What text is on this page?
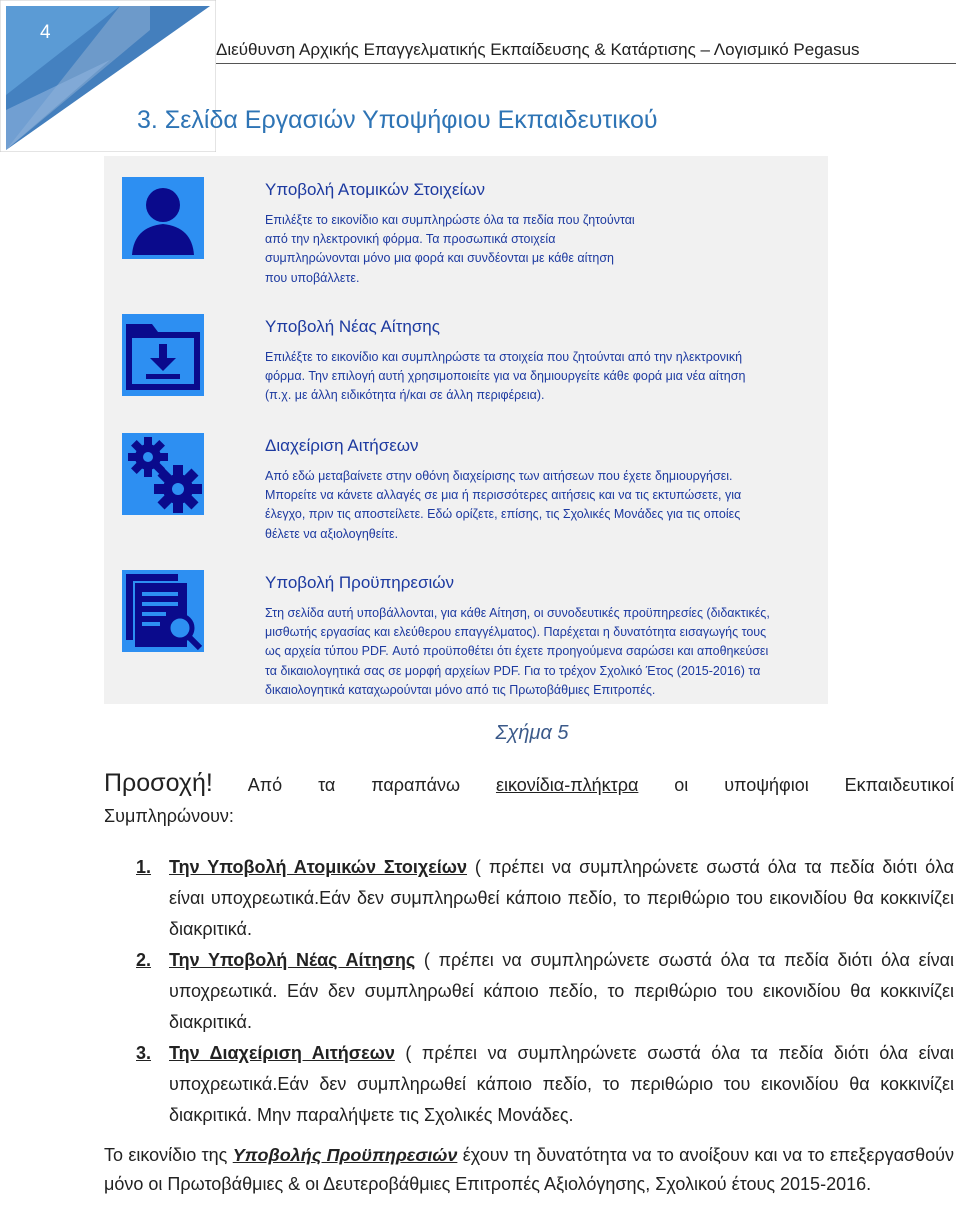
4
Διεύθυνση Αρχικής Επαγγελματικής Εκπαίδευσης & Κατάρτισης – Λογισμικό Pegasus
3. Σελίδα Εργασιών Υποψήφιου Εκπαιδευτικού
Υποβολή Ατομικών Στοιχείων
Επιλέξτε το εικονίδιο και συμπληρώστε όλα τα πεδία που ζητούνται
από την ηλεκτρονική φόρμα. Τα προσωπικά στοιχεία
συμπληρώνονται μόνο μια φορά και συνδέονται με κάθε αίτηση
που υποβάλλετε.
Υποβολή Νέας Αίτησης
Επιλέξτε το εικονίδιο και συμπληρώστε τα στοιχεία που ζητούνται από την ηλεκτρονική
φόρμα. Την επιλογή αυτή χρησιμοποιείτε για να δημιουργείτε κάθε φορά μια νέα αίτηση
(π.χ. με άλλη ειδικότητα ή/και σε άλλη περιφέρεια).
Διαχείριση Αιτήσεων
Από εδώ μεταβαίνετε στην οθόνη διαχείρισης των αιτήσεων που έχετε δημιουργήσει.
Μπορείτε να κάνετε αλλαγές σε μια ή περισσότερες αιτήσεις και να τις εκτυπώσετε, για
έλεγχο, πριν τις αποστείλετε. Εδώ ορίζετε, επίσης, τις Σχολικές Μονάδες για τις οποίες
θέλετε να αξιολογηθείτε.
Υποβολή Προϋπηρεσιών
Στη σελίδα αυτή υποβάλλονται, για κάθε Αίτηση, οι συνοδευτικές προϋπηρεσίες (διδακτικές,
μισθωτής εργασίας και ελεύθερου επαγγέλματος). Παρέχεται η δυνατότητα εισαγωγής τους
ως αρχεία τύπου PDF. Αυτό προϋποθέτει ότι έχετε προηγούμενα σαρώσει και αποθηκεύσει
τα δικαιολογητικά σας σε μορφή αρχείων PDF. Για το τρέχον Σχολικό Έτος (2015-2016) τα
δικαιολογητικά καταχωρούνται μόνο από τις Πρωτοβάθμιες Επιτροπές.
Σχήμα 5
Προσοχή! Από τα παραπάνω εικονίδια-πλήκτρα οι υποψήφιοι Εκπαιδευτικοί
Συμπληρώνουν:
1. Την Υποβολή Ατομικών Στοιχείων ( πρέπει να συμπληρώνετε σωστά όλα τα πεδία διότι όλα είναι υποχρεωτικά.Εάν δεν συμπληρωθεί κάποιο πεδίο, το περιθώριο του εικονιδίου θα κοκκινίζει διακριτικά.
2. Την Υποβολή Νέας Αίτησης ( πρέπει να συμπληρώνετε σωστά όλα τα πεδία διότι όλα είναι υποχρεωτικά. Εάν δεν συμπληρωθεί κάποιο πεδίο, το περιθώριο του εικονιδίου θα κοκκινίζει διακριτικά.
3. Την Διαχείριση Αιτήσεων ( πρέπει να συμπληρώνετε σωστά όλα τα πεδία διότι όλα είναι υποχρεωτικά.Εάν δεν συμπληρωθεί κάποιο πεδίο, το περιθώριο του εικονιδίου θα κοκκινίζει διακριτικά. Μην παραλήψετε τις Σχολικές Μονάδες.
Το εικονίδιο της Υποβολής Προϋπηρεσιών έχουν τη δυνατότητα να το ανοίξουν και να το επεξεργασθούν μόνο οι Πρωτοβάθμιες & οι Δευτεροβάθμιες Επιτροπές Αξιολόγησης, Σχολικού έτους 2015-2016.
